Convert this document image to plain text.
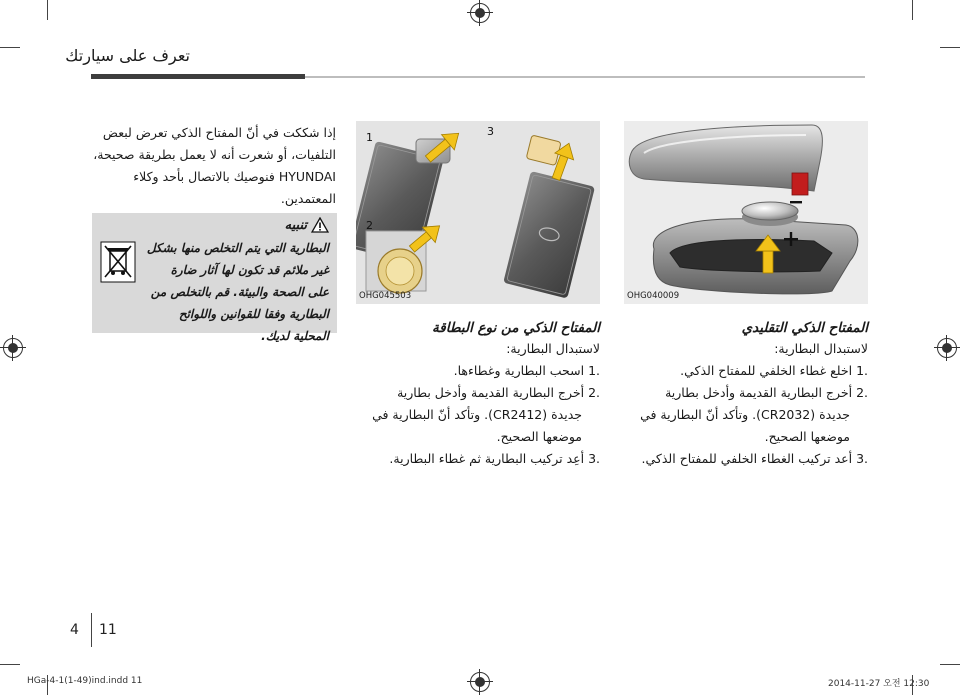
تعرف على سيارتك
إذا شككت في أنّ المفتاح الذكي تعرض لبعض
التلفيات، أو شعرت أنه لا يعمل بطريقة صحيحة،
HYUNDAI فنوصيك بالاتصال بأحد وكلاء
المعتمدين.
تنبيه
البطارية التي يتم التخلص منها بشكل
غير ملائم قد تكون لها آثار ضارة
على الصحة والبيئة. قم بالتخلص من
البطارية وفقا للقوانين واللوائح
المحلية لديك.
1
2
3
OHG045503	OHG040009
المفتاح الذكي من نوع البطاقة
لاستبدال البطارية:
.1 اسحب البطارية وغطاءها.
.2 أخرج البطارية القديمة وأدخل بطارية
جديدة (CR2412). وتأكد أنّ البطارية في
موضعها الصحيح.
.3 أعِد تركيب البطارية ثم غطاء البطارية.
المفتاح الذكي التقليدي
لاستبدال البطارية:
.1 اخلع غطاء الخلفي للمفتاح الذكي.
.2 أخرج البطارية القديمة وأدخل بطارية
جديدة (CR2032). وتأكد أنّ البطارية في
موضعها الصحيح.
.3 أعد تركيب الغطاء الخلفي للمفتاح الذكي.
4 11
HGa-4-1(1-49)ind.indd 11	2014-11-27 오전 12:30
